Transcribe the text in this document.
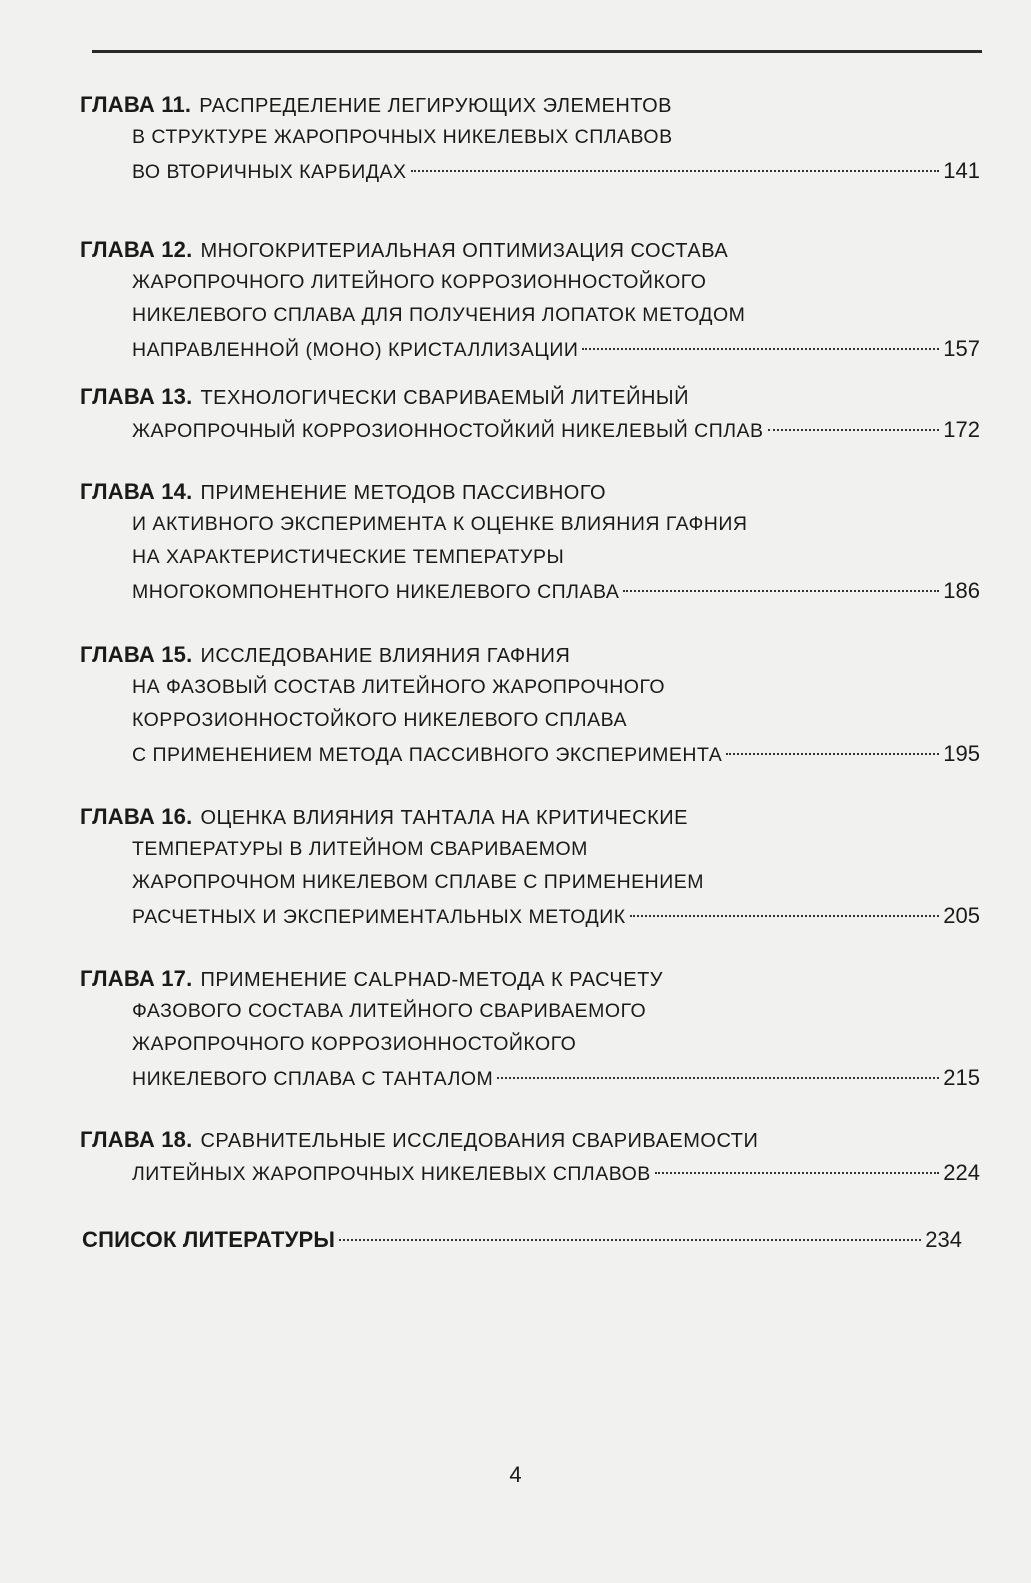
ГЛАВА 11. РАСПРЕДЕЛЕНИЕ ЛЕГИРУЮЩИХ ЭЛЕМЕНТОВ
В СТРУКТУРЕ ЖАРОПРОЧНЫХ НИКЕЛЕВЫХ СПЛАВОВ
ВО ВТОРИЧНЫХ КАРБИДАХ	141
ГЛАВА 12. МНОГОКРИТЕРИАЛЬНАЯ ОПТИМИЗАЦИЯ СОСТАВА
ЖАРОПРОЧНОГО ЛИТЕЙНОГО КОРРОЗИОННОСТОЙКОГО
НИКЕЛЕВОГО СПЛАВА ДЛЯ ПОЛУЧЕНИЯ ЛОПАТОК МЕТОДОМ
НАПРАВЛЕННОЙ (МОНО) КРИСТАЛЛИЗАЦИИ	157
ГЛАВА 13. ТЕХНОЛОГИЧЕСКИ СВАРИВАЕМЫЙ ЛИТЕЙНЫЙ
ЖАРОПРОЧНЫЙ КОРРОЗИОННОСТОЙКИЙ НИКЕЛЕВЫЙ СПЛАВ	172
ГЛАВА 14. ПРИМЕНЕНИЕ МЕТОДОВ ПАССИВНОГО
И АКТИВНОГО ЭКСПЕРИМЕНТА К ОЦЕНКЕ ВЛИЯНИЯ ГАФНИЯ
НА ХАРАКТЕРИСТИЧЕСКИЕ ТЕМПЕРАТУРЫ
МНОГОКОМПОНЕНТНОГО НИКЕЛЕВОГО СПЛАВА	186
ГЛАВА 15. ИССЛЕДОВАНИЕ ВЛИЯНИЯ ГАФНИЯ
НА ФАЗОВЫЙ СОСТАВ ЛИТЕЙНОГО ЖАРОПРОЧНОГО
КОРРОЗИОННОСТОЙКОГО НИКЕЛЕВОГО СПЛАВА
С ПРИМЕНЕНИЕМ МЕТОДА ПАССИВНОГО ЭКСПЕРИМЕНТА	195
ГЛАВА 16. ОЦЕНКА ВЛИЯНИЯ ТАНТАЛА НА КРИТИЧЕСКИЕ
ТЕМПЕРАТУРЫ В ЛИТЕЙНОМ СВАРИВАЕМОМ
ЖАРОПРОЧНОМ НИКЕЛЕВОМ СПЛАВЕ С ПРИМЕНЕНИЕМ
РАСЧЕТНЫХ И ЭКСПЕРИМЕНТАЛЬНЫХ МЕТОДИК	205
ГЛАВА 17. ПРИМЕНЕНИЕ CALPHAD-МЕТОДА К РАСЧЕТУ
ФАЗОВОГО СОСТАВА ЛИТЕЙНОГО СВАРИВАЕМОГО
ЖАРОПРОЧНОГО КОРРОЗИОННОСТОЙКОГО
НИКЕЛЕВОГО СПЛАВА С ТАНТАЛОМ	215
ГЛАВА 18. СРАВНИТЕЛЬНЫЕ ИССЛЕДОВАНИЯ СВАРИВАЕМОСТИ
ЛИТЕЙНЫХ ЖАРОПРОЧНЫХ НИКЕЛЕВЫХ СПЛАВОВ	224
СПИСОК ЛИТЕРАТУРЫ	234
4
